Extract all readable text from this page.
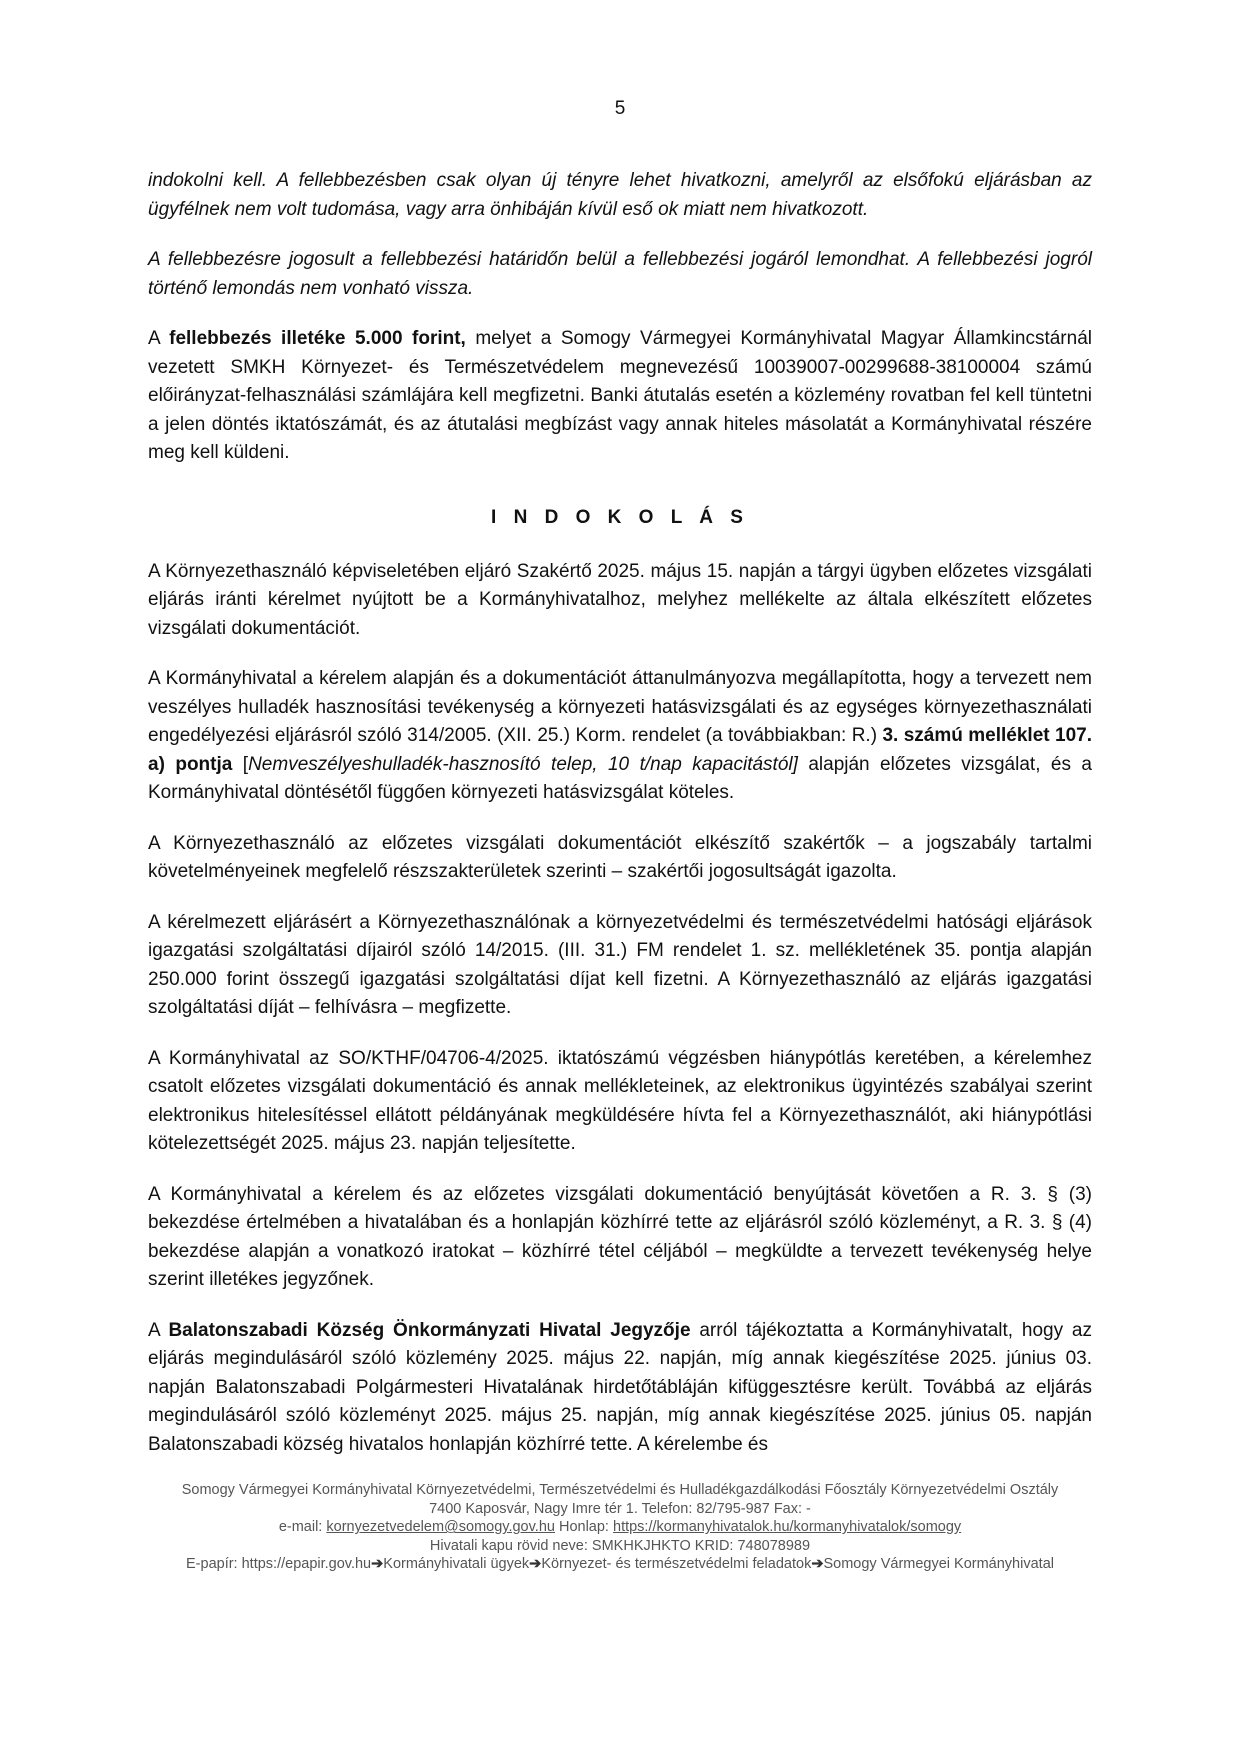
5

indokolni kell. A fellebbezésben csak olyan új tényre lehet hivatkozni, amelyről az elsőfokú eljárásban az ügyfélnek nem volt tudomása, vagy arra önhibáján kívül eső ok miatt nem hivatkozott.

A fellebbezésre jogosult a fellebbezési határidőn belül a fellebbezési jogáról lemondhat. A fellebbezési jogról történő lemondás nem vonható vissza.

A fellebbezés illetéke 5.000 forint, melyet a Somogy Vármegyei Kormányhivatal Magyar Államkincstárnál vezetett SMKH Környezet- és Természetvédelem megnevezésű 10039007-00299688-38100004 számú előirányzat-felhasználási számlájára kell megfizetni. Banki átutalás esetén a közlemény rovatban fel kell tüntetni a jelen döntés iktatószámát, és az átutalási megbízást vagy annak hiteles másolatát a Kormányhivatal részére meg kell küldeni.

I N D O K O L Á S

A Környezethasználó képviseletében eljáró Szakértő 2025. május 15. napján a tárgyi ügyben előzetes vizsgálati eljárás iránti kérelmet nyújtott be a Kormányhivatalhoz, melyhez mellékelte az általa elkészített előzetes vizsgálati dokumentációt.

A Kormányhivatal a kérelem alapján és a dokumentációt áttanulmányozva megállapította, hogy a tervezett nem veszélyes hulladék hasznosítási tevékenység a környezeti hatásvizsgálati és az egységes környezethasználati engedélyezési eljárásról szóló 314/2005. (XII. 25.) Korm. rendelet (a továbbiakban: R.) 3. számú melléklet 107. a) pontja [Nemveszélyeshulladék-hasznosító telep, 10 t/nap kapacitástól] alapján előzetes vizsgálat, és a Kormányhivatal döntésétől függően környezeti hatásvizsgálat köteles.

A Környezethasználó az előzetes vizsgálati dokumentációt elkészítő szakértők – a jogszabály tartalmi követelményeinek megfelelő részszakterületek szerinti – szakértői jogosultságát igazolta.

A kérelmezett eljárásért a Környezethasználónak a környezetvédelmi és természetvédelmi hatósági eljárások igazgatási szolgáltatási díjairól szóló 14/2015. (III. 31.) FM rendelet 1. sz. mellékletének 35. pontja alapján 250.000 forint összegű igazgatási szolgáltatási díjat kell fizetni. A Környezethasználó az eljárás igazgatási szolgáltatási díját – felhívásra – megfizette.

A Kormányhivatal az SO/KTHF/04706-4/2025. iktatószámú végzésben hiánypótlás keretében, a kérelemhez csatolt előzetes vizsgálati dokumentáció és annak mellékleteinek, az elektronikus ügyintézés szabályai szerint elektronikus hitelesítéssel ellátott példányának megküldésére hívta fel a Környezethasználót, aki hiánypótlási kötelezettségét 2025. május 23. napján teljesítette.

A Kormányhivatal a kérelem és az előzetes vizsgálati dokumentáció benyújtását követően a R. 3. § (3) bekezdése értelmében a hivatalában és a honlapján közhírré tette az eljárásról szóló közleményt, a R. 3. § (4) bekezdése alapján a vonatkozó iratokat – közhírré tétel céljából – megküldte a tervezett tevékenység helye szerint illetékes jegyzőnek.

A Balatonszabadi Község Önkormányzati Hivatal Jegyzője arról tájékoztatta a Kormányhivatalt, hogy az eljárás megindulásáról szóló közlemény 2025. május 22. napján, míg annak kiegészítése 2025. június 03. napján Balatonszabadi Polgármesteri Hivatalának hirdetőtábláján kifüggesztésre került. Továbbá az eljárás megindulásáról szóló közleményt 2025. május 25. napján, míg annak kiegészítése 2025. június 05. napján Balatonszabadi község hivatalos honlapján közhírré tette. A kérelembe és

Somogy Vármegyei Kormányhivatal Környezetvédelmi, Természetvédelmi és Hulladékgazdálkodási Főosztály Környezetvédelmi Osztály
7400 Kaposvár, Nagy Imre tér 1. Telefon: 82/795-987 Fax: -
e-mail: kornyezetvedelem@somogy.gov.hu Honlap: https://kormanyhivatalok.hu/kormanyhivatalok/somogy
Hivatali kapu rövid neve: SMKHKJHKTO KRID: 748078989
E-papír: https://epapir.gov.hu➔Kormányhivatali ügyek➔Környezet- és természetvédelmi feladatok➔Somogy Vármegyei Kormányhivatal
